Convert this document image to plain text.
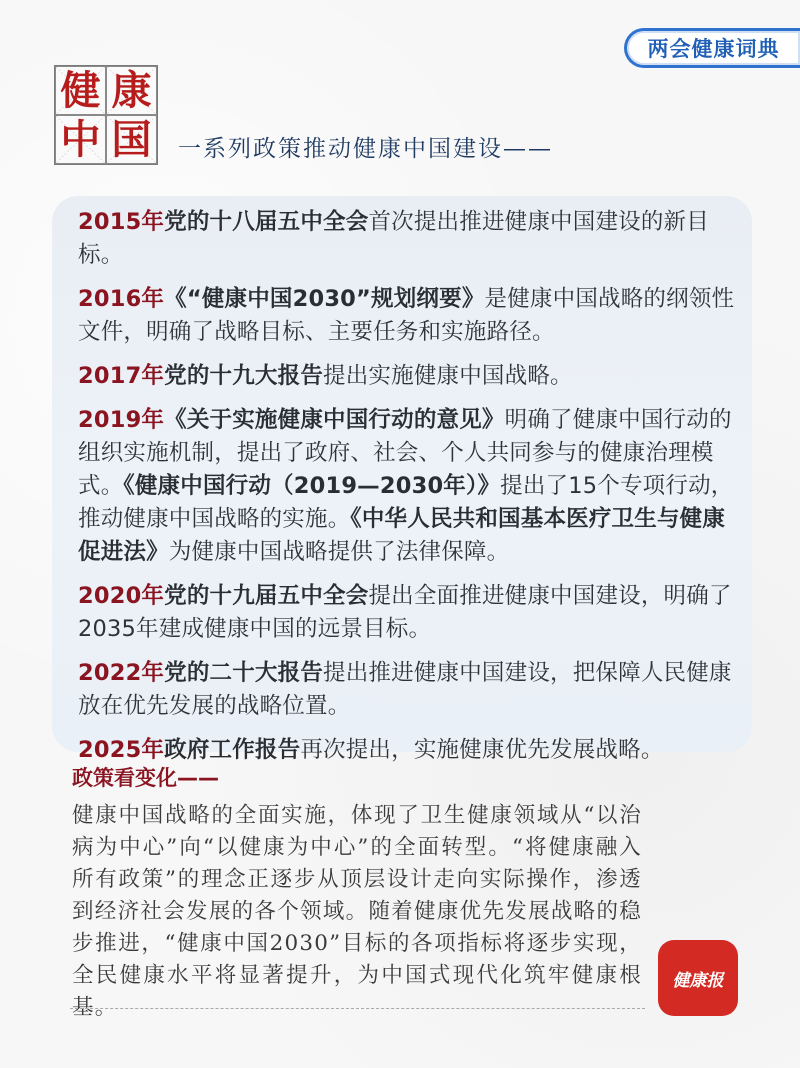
两会健康词典
健 康
中 国 一系列政策推动健康中国建设——
2015年党的十八届五中全会首次提出推进健康中国建设的新目标。
2016年《“健康中国2030”规划纲要》是健康中国战略的纲领性文件，明确了战略目标、主要任务和实施路径。
2017年党的十九大报告提出实施健康中国战略。
2019年《关于实施健康中国行动的意见》明确了健康中国行动的组织实施机制，提出了政府、社会、个人共同参与的健康治理模式。《健康中国行动（2019—2030年）》提出了15个专项行动，推动健康中国战略的实施。《中华人民共和国基本医疗卫生与健康促进法》为健康中国战略提供了法律保障。
2020年党的十九届五中全会提出全面推进健康中国建设，明确了2035年建成健康中国的远景目标。
2022年党的二十大报告提出推进健康中国建设，把保障人民健康放在优先发展的战略位置。
2025年政府工作报告再次提出，实施健康优先发展战略。
政策看变化——
健康中国战略的全面实施，体现了卫生健康领域从“以治病为中心”向“以健康为中心”的全面转型。“将健康融入所有政策”的理念正逐步从顶层设计走向实际操作，渗透到经济社会发展的各个领域。随着健康优先发展战略的稳步推进，“健康中国2030”目标的各项指标将逐步实现，全民健康水平将显著提升，为中国式现代化筑牢健康根基。
健康报
